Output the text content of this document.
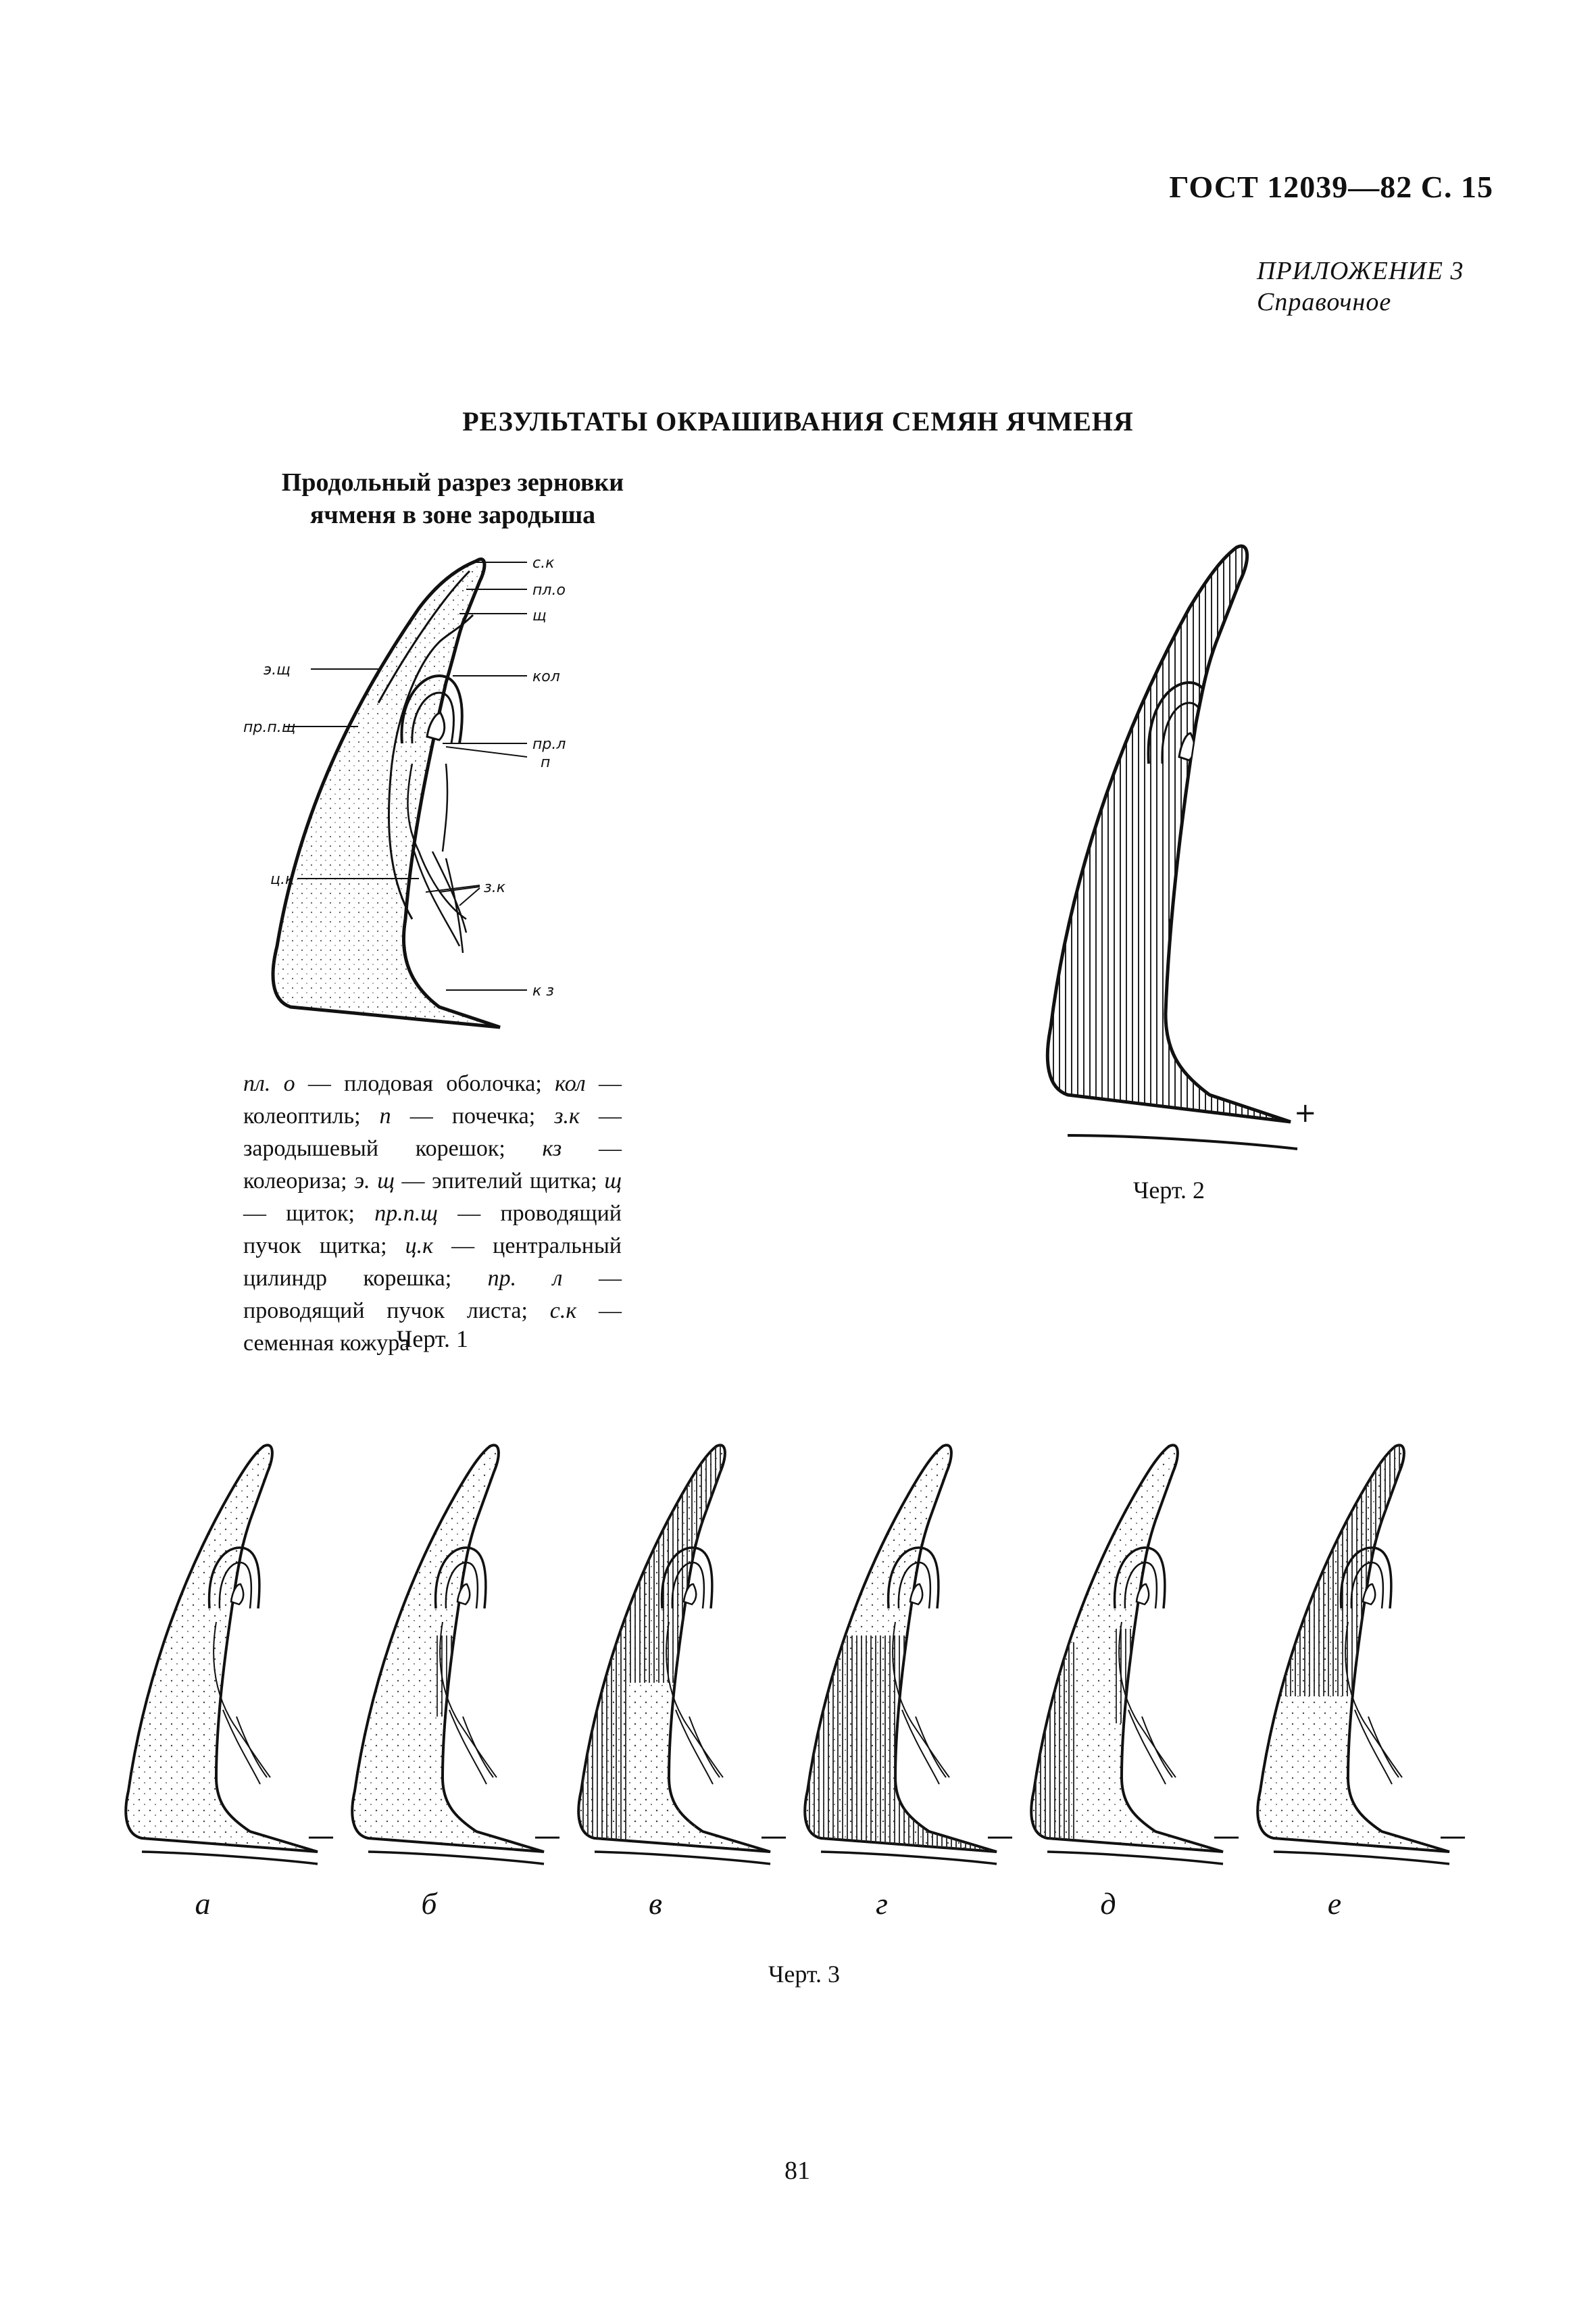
ГОСТ 12039—82 С. 15
ПРИЛОЖЕНИЕ 3
Справочное
РЕЗУЛЬТАТЫ ОКРАШИВАНИЯ СЕМЯН ЯЧМЕНЯ
Продольный разрез зерновки
ячменя в зоне зародыша
с.к
пл.о
щ
э.щ	кол
пр.п.щ
пр.л
п
ц.к	з.к
к з
пл. о — плодовая оболочка; кол — колеоптиль; п — почечка; з.к — зародышевый корешок; кз — колеориза; э. щ — эпителий щитка; щ — щиток; пр.п.щ — проводящий пучок щитка; ц.к — центральный цилиндр корешка; пр. л — проводящий пучок листа; с.к — семенная кожура
Черт. 1
+
Черт. 2
—
а
—
б
—
в
—
г
—
д
—
е
Черт. 3
81
